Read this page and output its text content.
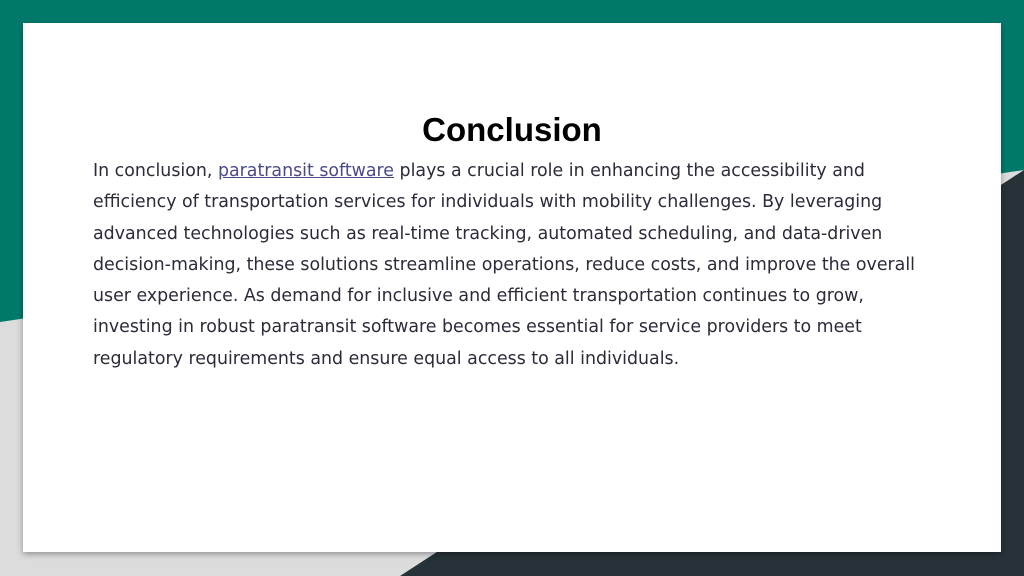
Conclusion

In conclusion, paratransit software plays a crucial role in enhancing the accessibility and efficiency of transportation services for individuals with mobility challenges. By leveraging advanced technologies such as real-time tracking, automated scheduling, and data-driven decision-making, these solutions streamline operations, reduce costs, and improve the overall user experience. As demand for inclusive and efficient transportation continues to grow, investing in robust paratransit software becomes essential for service providers to meet regulatory requirements and ensure equal access to all individuals.
